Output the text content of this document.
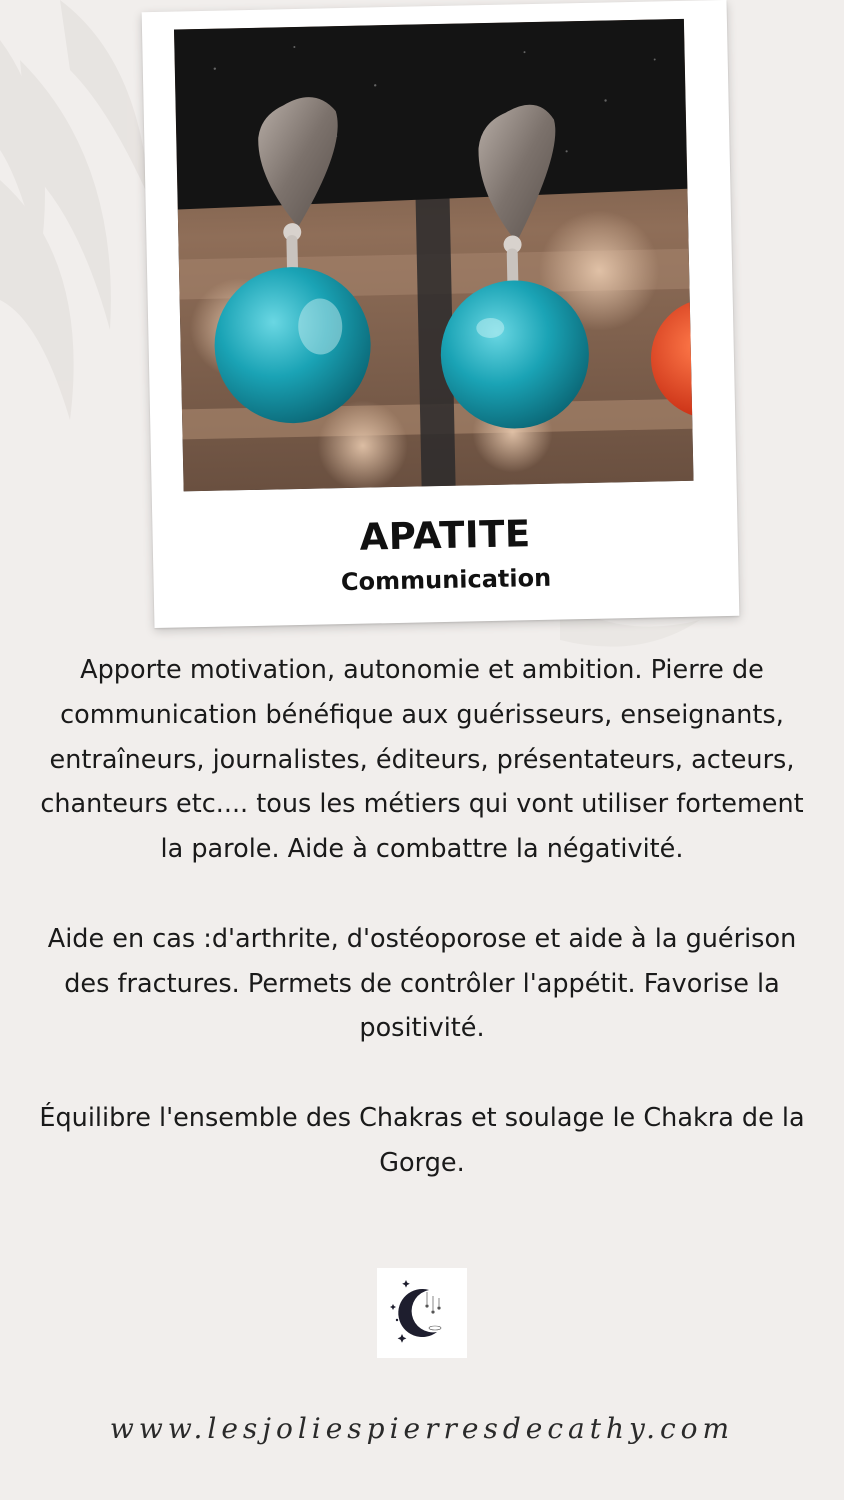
APATITE
Communication

Apporte motivation, autonomie et ambition. Pierre de communication bénéfique aux guérisseurs, enseignants, entraîneurs, journalistes, éditeurs, présentateurs, acteurs, chanteurs etc.... tous les métiers qui vont utiliser fortement la parole. Aide à combattre la négativité.

Aide en cas :d'arthrite, d'ostéoporose et aide à la guérison des fractures. Permets de contrôler l'appétit. Favorise la positivité.

Équilibre l'ensemble des Chakras et soulage le Chakra de la Gorge.

www.lesjoliespierresdecathy.com
